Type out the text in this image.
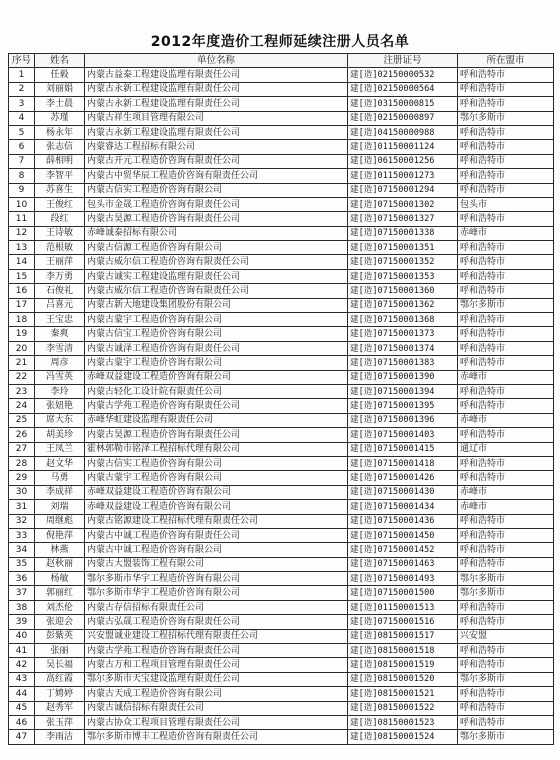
2012年度造价工程师延续注册人员名单
序号	姓名	单位名称	注册证号	所在盟市
1	任毅	内蒙古益泰工程建设监理有限责任公司	建[造]02150000532	呼和浩特市
2	刘丽娟	内蒙古永新工程建设监理有限责任公司	建[造]02150000564	呼和浩特市
3	李士晨	内蒙古永新工程建设监理有限责任公司	建[造]03150000815	呼和浩特市
4	苏瑾	内蒙古祥生项目管理有限公司	建[造]02150000897	鄂尔多斯市
5	杨永年	内蒙古永新工程建设监理有限责任公司	建[造]04150000988	呼和浩特市
6	张志信	内蒙睿达工程招标有限公司	建[造]01150001124	呼和浩特市
7	薛相明	内蒙古开元工程造价咨询有限责任公司	建[造]06150001256	呼和浩特市
8	李智平	内蒙古中贸华辰工程造价咨询有限责任公司	建[造]01150001273	呼和浩特市
9	苏喜生	内蒙古信实工程造价咨询有限公司	建[造]07150001294	呼和浩特市
10	王俊红	包头市金晟工程造价咨询有限责任公司	建[造]07150001302	包头市
11	段红	内蒙古昊源工程造价咨询有限责任公司	建[造]07150001327	呼和浩特市
12	王诗敏	赤峰诚泰招标有限公司	建[造]07150001338	赤峰市
13	范根敏	内蒙古信源工程造价咨询有限公司	建[造]07150001351	呼和浩特市
14	王丽萍	内蒙古威尔信工程造价咨询有限责任公司	建[造]07150001352	呼和浩特市
15	李万勇	内蒙古诚实工程建设监理有限责任公司	建[造]07150001353	呼和浩特市
16	石俊礼	内蒙古威尔信工程造价咨询有限责任公司	建[造]07150001360	呼和浩特市
17	吕喜元	内蒙古新大地建设集团股份有限公司	建[造]07150001362	鄂尔多斯市
18	王宝忠	内蒙古蒙宇工程造价咨询有限公司	建[造]07150001368	呼和浩特市
19	秦爽	内蒙古信宝工程造价咨询有限公司	建[造]07150001373	呼和浩特市
20	李雪清	内蒙古诚泽工程造价咨询有限责任公司	建[造]07150001374	呼和浩特市
21	周彦	内蒙古蒙宇工程造价咨询有限公司	建[造]07150001383	呼和浩特市
22	冯雪英	赤峰双益建设工程造价咨询有限公司	建[造]07150001390	赤峰市
23	李玲	内蒙古轻化工设计院有限责任公司	建[造]07150001394	呼和浩特市
24	张妞艳	内蒙古学苑工程造价咨询有限责任公司	建[造]07150001395	呼和浩特市
25	席大东	赤峰华虹建设监理有限责任公司	建[造]07150001396	赤峰市
26	胡美珍	内蒙古昊源工程造价咨询有限责任公司	建[造]07150001403	呼和浩特市
27	王凤兰	霍林郭勒市铭泽工程招标代理有限公司	建[造]07150001415	通辽市
28	赵文华	内蒙古信实工程造价咨询有限公司	建[造]07150001418	呼和浩特市
29	马勇	内蒙古蒙宇工程造价咨询有限公司	建[造]07150001426	呼和浩特市
30	李成祥	赤峰双益建设工程造价咨询有限公司	建[造]07150001430	赤峰市
31	刘瑞	赤峰双益建设工程造价咨询有限公司	建[造]07150001434	赤峰市
32	周继彪	内蒙古铭源建设工程招标代理有限责任公司	建[造]07150001436	呼和浩特市
33	倪艳萍	内蒙古中诚工程造价咨询有限责任公司	建[造]07150001450	呼和浩特市
34	林燕	内蒙古中诚工程造价咨询有限公司	建[造]07150001452	呼和浩特市
35	赵秋丽	内蒙古大盟装饰工程有限公司	建[造]07150001463	呼和浩特市
36	杨敏	鄂尔多斯市华宇工程造价咨询有限公司	建[造]07150001493	鄂尔多斯市
37	郭丽红	鄂尔多斯市华宇工程造价咨询有限公司	建[造]07150001500	鄂尔多斯市
38	刘杰伦	内蒙古存信招标有限责任公司	建[造]01150001513	呼和浩特市
39	张迎会	内蒙古弘晟工程造价咨询有限责任公司	建[造]07150001516	呼和浩特市
40	彭紫英	兴安盟诚业建设工程招标代理有限责任公司	建[造]08150001517	兴安盟
41	张丽	内蒙古学苑工程造价咨询有限责任公司	建[造]08150001518	呼和浩特市
42	吴长福	内蒙古万和工程项目管理有限责任公司	建[造]08150001519	呼和浩特市
43	高红霞	鄂尔多斯市天宝建设监理有限责任公司	建[造]08150001520	鄂尔多斯市
44	丁娉婷	内蒙古天成工程造价咨询有限公司	建[造]08150001521	呼和浩特市
45	赵秀军	内蒙古诚信招标有限责任公司	建[造]08150001522	呼和浩特市
46	张玉萍	内蒙古协众工程项目管理有限责任公司	建[造]08150001523	呼和浩特市
47	李雨洁	鄂尔多斯市博丰工程造价咨询有限责任公司	建[造]08150001524	鄂尔多斯市
